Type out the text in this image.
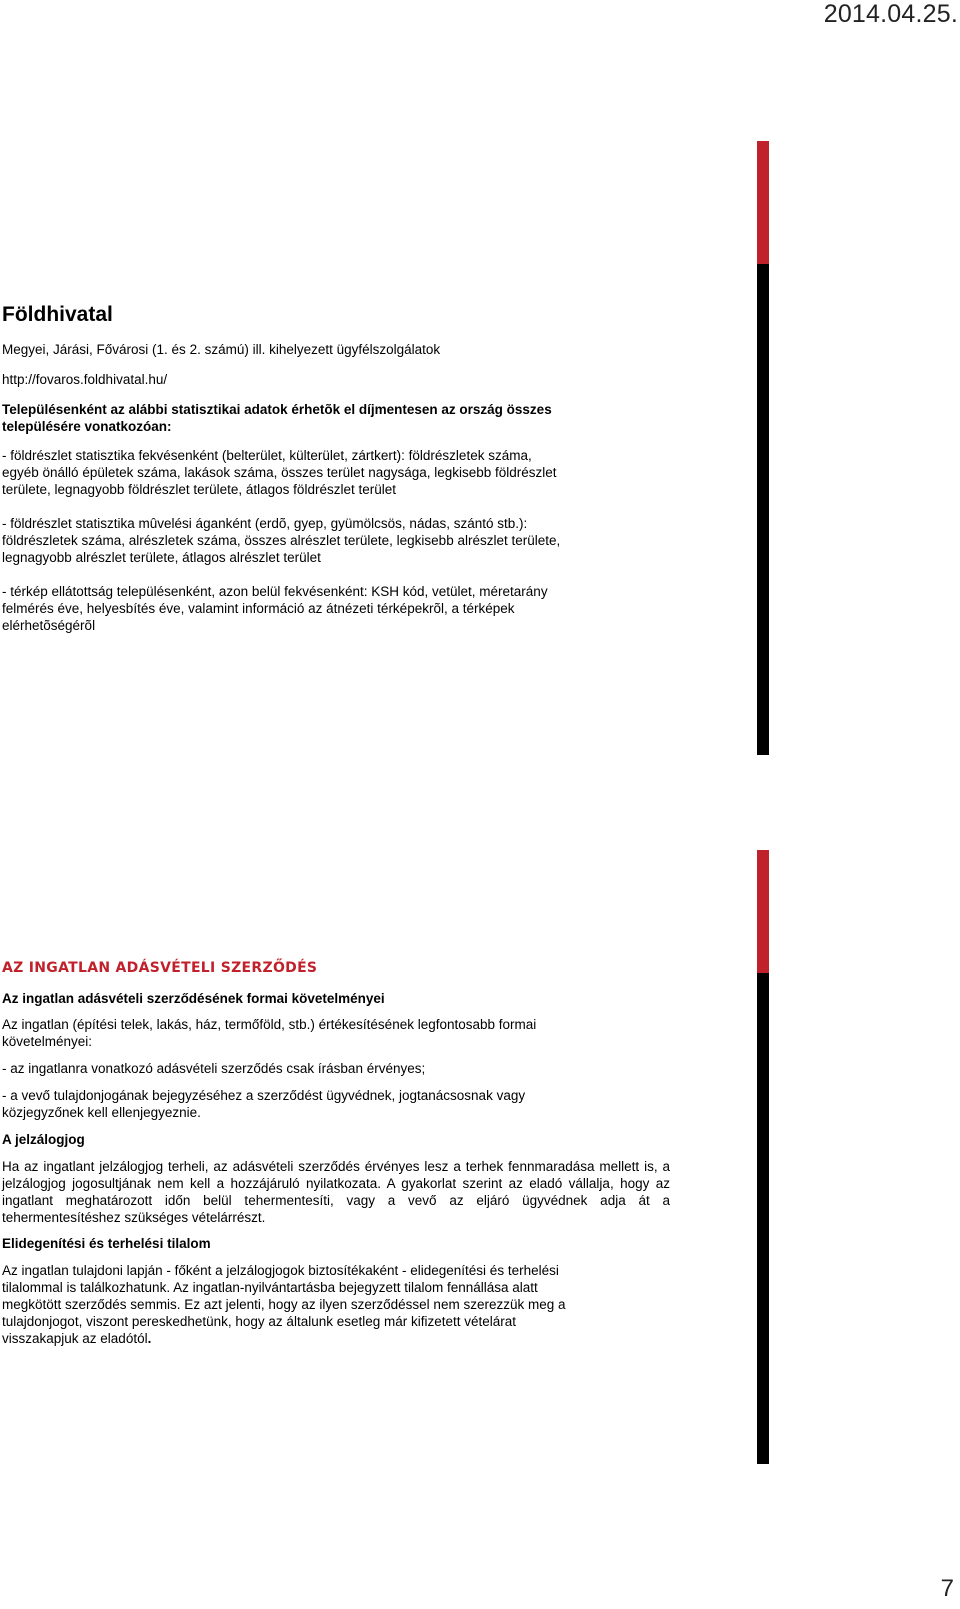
2014.04.25.
Földhivatal
Megyei, Járási, Fővárosi (1. és 2. számú) ill. kihelyezett ügyfélszolgálatok
http://fovaros.foldhivatal.hu/
Településenként az alábbi statisztikai adatok érhetõk el díjmentesen az ország összes
településére vonatkozóan:
- földrészlet statisztika fekvésenként (belterület, külterület, zártkert): földrészletek száma,
egyéb önálló épületek száma, lakások száma, összes terület nagysága, legkisebb földrészlet
területe, legnagyobb földrészlet területe, átlagos földrészlet terület
- földrészlet statisztika mûvelési áganként (erdõ, gyep, gyümölcsös, nádas, szántó stb.):
földrészletek száma, alrészletek száma, összes alrészlet területe, legkisebb alrészlet területe,
legnagyobb alrészlet területe, átlagos alrészlet terület
- térkép ellátottság településenként, azon belül fekvésenként: KSH kód, vetület, méretarány
felmérés éve, helyesbítés éve, valamint információ az átnézeti térképekrõl, a térképek
elérhetõségérõl
AZ INGATLAN ADÁSVÉTELI SZERZŐDÉS
Az ingatlan adásvételi szerződésének formai követelményei
Az ingatlan (építési telek, lakás, ház, termőföld, stb.) értékesítésének legfontosabb formai
követelményei:
- az ingatlanra vonatkozó adásvételi szerződés csak írásban érvényes;
- a vevő tulajdonjogának bejegyzéséhez a szerződést ügyvédnek, jogtanácsosnak vagy
közjegyzőnek kell ellenjegyeznie.
A jelzálogjog
Ha az ingatlant jelzálogjog terheli, az adásvételi szerződés érvényes lesz a terhek fennmaradása mellett is, a jelzálogjog jogosultjának nem kell a hozzájáruló nyilatkozata. A gyakorlat szerint az eladó vállalja, hogy az ingatlant meghatározott időn belül tehermentesíti, vagy a vevő az eljáró ügyvédnek adja át a tehermentesítéshez szükséges vételárrészt.
Elidegenítési és terhelési tilalom
Az ingatlan tulajdoni lapján - főként a jelzálogjogok biztosítékaként - elidegenítési és terhelési
tilalommal is találkozhatunk. Az ingatlan-nyilvántartásba bejegyzett tilalom fennállása alatt
megkötött szerződés semmis. Ez azt jelenti, hogy az ilyen szerződéssel nem szerezzük meg a
tulajdonjogot, viszont pereskedhetünk, hogy az általunk esetleg már kifizetett vételárat
visszakapjuk az eladótól.
7
